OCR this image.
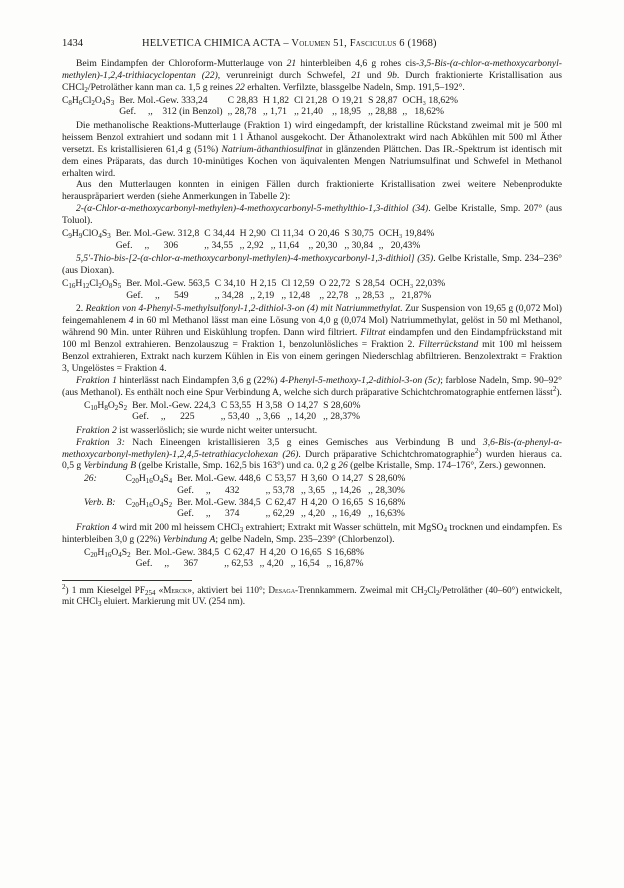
1434	HELVETICA CHIMICA ACTA – Volumen 51, Fasciculus 6 (1968)

Beim Eindampfen der Chloroform-Mutterlauge von 21 hinterbleiben 4,6 g rohes cis-3,5-Bis-(α-chlor-α-methoxycarbonyl-methylen)-1,2,4-trithiacyclopentan (22), verunreinigt durch Schwefel, 21 und 9b. Durch fraktionierte Kristallisation aus CHCl$_2$/Petroläther kann man ca. 1,5 g reines 22 erhalten. Verfilzte, blassgelbe Nadeln, Smp. 191,5–192°.

$C_8H_6Cl_2O_4S_3$	Ber. Mol.-Gew. 333,24	C 28,83	H 1,82	Cl 21,28	O 19,21	S 28,87	OCH₃ 18,62%
	Gef. ,, 312 (in Benzol)	,, 28,78	,, 1,71	,, 21,40	,, 18,95	,, 28,88	,, 18,62%

Die methanolische Reaktions-Mutterlauge (Fraktion 1) wird eingedampft, der kristalline Rückstand zweimal mit je 500 ml heissem Benzol extrahiert und sodann mit 1 l Äthanol ausgekocht. Der Äthanolextrakt wird nach Abkühlen mit 500 ml Äther versetzt. Es kristallisieren 61,4 g (51%) Natrium-äthanthiosulfinat in glänzenden Plättchen. Das IR.-Spektrum ist identisch mit dem eines Präparats, das durch 10-minütiges Kochen von äquivalenten Mengen Natriumsulfinat und Schwefel in Methanol erhalten wird.

Aus den Mutterlaugen konnten in einigen Fällen durch fraktionierte Kristallisation zwei weitere Nebenprodukte herauspräpariert werden (siehe Anmerkungen in Tabelle 2):

2-(α-Chlor-α-methoxycarbonyl-methylen)-4-methoxycarbonyl-5-methylthio-1,3-dithiol (34). Gelbe Kristalle, Smp. 207° (aus Toluol).

$C_9H_9ClO_4S_3$	Ber. Mol.-Gew. 312,8	C 34,44	H 2,90	Cl 11,34	O 20,46	S 30,75	OCH₃ 19,84%
	Gef. ,, 306	,, 34,55	,, 2,92	,, 11,64	,, 20,30	,, 30,84	,, 20,43%

5,5′-Thio-bis-[2-(α-chlor-α-methoxycarbonyl-methylen)-4-methoxycarbonyl-1,3-dithiol] (35). Gelbe Kristalle, Smp. 234–236° (aus Dioxan).

$C_{16}H_{12}Cl_2O_8S_5$	Ber. Mol.-Gew. 563,5	C 34,10	H 2,15	Cl 12,59	O 22,72	S 28,54	OCH₃ 22,03%
	Gef. ,, 549	,, 34,28	,, 2,19	,, 12,48	,, 22,78	,, 28,53	,, 21,87%

2. Reaktion von 4-Phenyl-5-methylsulfonyl-1,2-dithiol-3-on (4) mit Natriummethylat. Zur Suspension von 19,65 g (0,072 Mol) feingemahlenem 4 in 60 ml Methanol lässt man eine Lösung von 4,0 g (0,074 Mol) Natriummethylat, gelöst in 50 ml Methanol, während 90 Min. unter Rühren und Eiskühlung tropfen. Dann wird filtriert. Filtrat eindampfen und den Eindampfrückstand mit 100 ml Benzol extrahieren. Benzolauszug = Fraktion 1, benzolunlösliches = Fraktion 2. Filterrückstand mit 100 ml heissem Benzol extrahieren, Extrakt nach kurzem Kühlen in Eis von einem geringen Niederschlag abfiltrieren. Benzolextrakt = Fraktion 3, Ungelöstes = Fraktion 4.

Fraktion 1 hinterlässt nach Eindampfen 3,6 g (22%) 4-Phenyl-5-methoxy-1,2-dithiol-3-on (5c); farblose Nadeln, Smp. 90–92° (aus Methanol). Es enthält noch eine Spur Verbindung A, welche sich durch präparative Schichtchromatographie entfernen lässt$^2$).

$C_{10}H_8O_2S_2$	Ber. Mol.-Gew. 224,3	C 53,55	H 3,58	O 14,27	S 28,60%
	Gef. ,, 225	,, 53,40	,, 3,66	,, 14,20	,, 28,37%

Fraktion 2 ist wasserlöslich; sie wurde nicht weiter untersucht.

Fraktion 3: Nach Eineengen kristallisieren 3,5 g eines Gemisches aus Verbindung B und 3,6-Bis-(α-phenyl-α-methoxycarbonyl-methylen)-1,2,4,5-tetrathiacyclohexan (26). Durch präparative Schichtchromatographie$^2$) wurden hieraus ca. 0,5 g Verbindung B (gelbe Kristalle, Smp. 162,5 bis 163°) und ca. 0,2 g 26 (gelbe Kristalle, Smp. 174–176°, Zers.) gewonnen.

26:	$C_{20}H_{16}O_4S_4$	Ber. Mol.-Gew. 448,6	C 53,57	H 3,60	O 14,27	S 28,60%
		Gef. ,, 432	,, 53,78	,, 3,65	,, 14,26	,, 28,30%
Verb. B:	$C_{20}H_{16}O_4S_2$	Ber. Mol.-Gew. 384,5	C 62,47	H 4,20	O 16,65	S 16,68%
		Gef. ,, 374	,, 62,29	,, 4,20	,, 16,49	,, 16,63%

Fraktion 4 wird mit 200 ml heissem CHCl$_3$ extrahiert; Extrakt mit Wasser schütteln, mit MgSO$_4$ trocknen und eindampfen. Es hinterbleiben 3,0 g (22%) Verbindung A; gelbe Nadeln, Smp. 235–239° (Chlorbenzol).

$C_{20}H_{16}O_4S_2$	Ber. Mol.-Gew. 384,5	C 62,47	H 4,20	O 16,65	S 16,68%
	Gef. ,, 367	,, 62,53	,, 4,20	,, 16,54	,, 16,87%

$^2$) 1 mm Kieselgel $PF_{254}$ «Merck», aktiviert bei 110°; Desaga-Trennkammern. Zweimal mit $CH_2Cl_2$/Petroläther (40–60°) entwickelt, mit CHCl$_3$ eluiert. Markierung mit UV. (254 nm).
